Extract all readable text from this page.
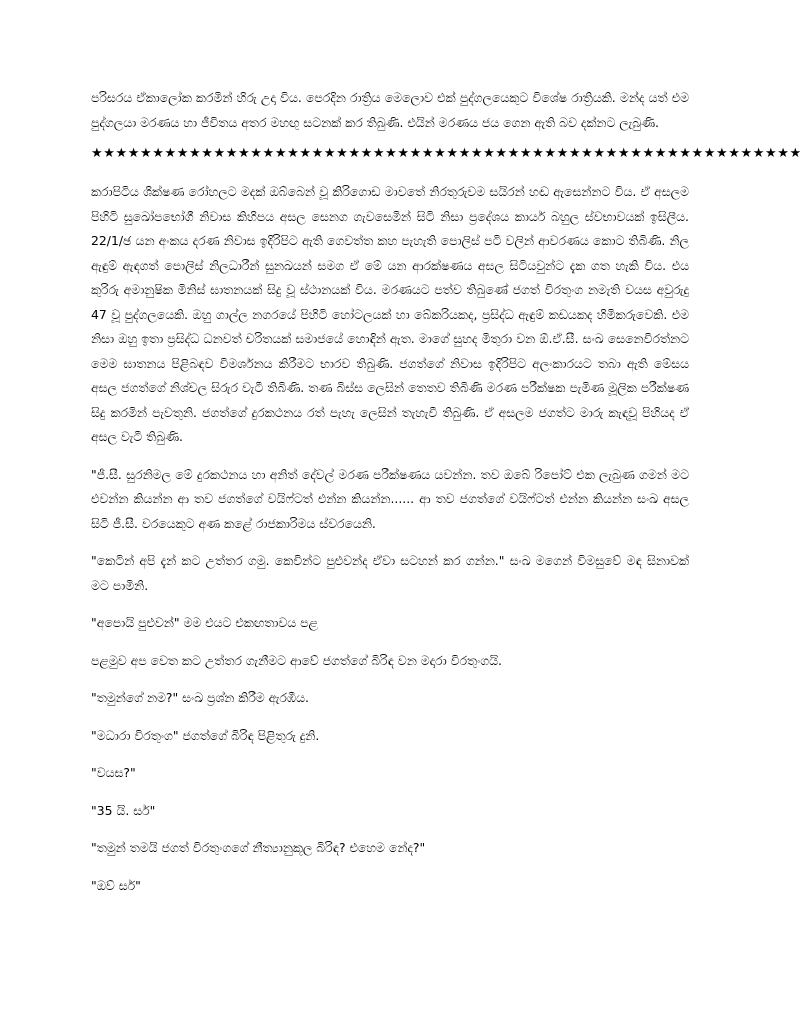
පරිසරය ඒකාලෝක කරමින් හිරු උදා විය. පෙරදින රාත්‍රිය මෙලොව එක් පුද්ගලයෙකුට විශේෂ රාත්‍රියකි. මන්ද යත් එම පුද්ගලයා මරණය හා ජීවිතය අතර මහඟු සටනක් කර තිබුණි. එයින් මරණය ජය ගෙන ඇති බව දක්නට ලැබුණි.

★★★★★★★★★★★★★★★★★★★★★★★★★★★★★★★★★★★★★★★★★★★★★★★★★★★★★★★★★★

කරාපිටිය ශික්ෂණ රෝහලට මදක් ඔබ්බෙන් වූ කිරිගොඩ මාවතේ නිරතුරුවම සයිරන් හඬ ඇසෙන්නට විය. ඒ අසලම පිහිටි සුඛෝපභෝගී නිවාස කිහිපය අසල සෙනග ගැවසෙමින් සිටි නිසා ප්‍රදේශය කාර්ය බහුල ස්වභාවයක් ඉසිලීය. 22/1/ඡ යන අංකය දරණ නිවාස ඉදිරිපිට ඇති ගෙවත්ත කහ පැහැති පොලිස් පටි වලින් ආවරණය කොට තිබිණි. නිල ඇඳුම් ඇඳගත් පොලිස් නිලධාරීන් සුනඛයන් සමග ඒ මේ යන ආරක්ෂණය අසල සිටියවුන්ට දැක ගත හැකි විය. එය කුරිරු අමානුෂික මිනිස් ඝාතනයක් සිදු වූ ස්ථානයක් විය. මරණයට පත්ව තිබුණේ ජගත් විරතුංග නමැති වයස අවුරුදු 47 වූ පුද්ගලයෙකි. ඔහු ගාල්ල නගරයේ පිහිටි හෝටලයක් හා බේකරියකද, ප්‍රසිද්ධ ඇඳුම් කඩයකද හිමිකරුවෙකි. එම නිසා ඔහු ඉතා ප්‍රසිද්ධ ධනවත් චරිතයක් සමාජයේ හොඳින් ඇත. මාගේ සුහද මිතුරා වන ඕ.ඒ.සී. සංඛ සෙනෙවිරත්නට මෙම ඝාතනය පිළිබඳව විමර්ශනය කිරීමට භාරව තිබුණි. ජගත්ගේ නිවාස ඉදිරිපිට අලංකාරයට තබා ඇති මේසය අසල ජගත්ගේ නිශ්චල සිරුර වැටී තිබිණි. තණ බිස්ස ලෙසින් තෙතව තිබිණි මරණ පරීක්ෂක පැමිණ මූලික පරීක්ෂණ සිදු කරමින් පැවතුනි. ජගත්ගේ දුරකථනය රත් පැහැ ලෙසින් තැහැවී තිබුණි. ඒ අසලම ජගත්ට මාරු කැඳවූ පිහියද ඒ අසල වැටී තිබුණි.

"ජී.සී. සුරනිමල මේ දුරකථනය හා අනිත් දේවල් මරණ පරීක්ෂණය යවන්න. තව ඔබේ රිපෝට් එක ලැබුණ ගමන් මට එවන්න කියන්න ආ තව ජගත්ගේ වයිෆ්ටත් එන්න කියන්න...... ආ තව ජගත්ගේ වයිෆ්ටත් එන්න කියන්න සංඛ අසල සිටි ජී.සී. වරයෙකුට අණ කළේ රාජකාරිමය ස්වරයෙනි.

"කෙටින් අපි දැන් කට උත්තර ගමු. කෙවින්ට පුළුවන්ද ඒවා සටහන් කර ගන්න." සංඛ මගෙන් විමසුවේ මඳ සිනාවක් මට පාමිනි.

"අපොයි පුළුවන්" මම එයට එකඟතාවය පළ

පළමුව අප වෙත කට උත්තර ගැනීමට ආවේ ජගත්ගේ බිරිඳ වන මදාරා විරතුංගයි.

"තමුන්ගේ නම?" සංඛ ප්‍රශ්න කිරීම ඇරඹීය.

"මධාරා විරතුංග" ජගත්ගේ බිරිඳ පිළිතුරු දුනි.

"වයස?"

"35 යි. සර්"

"තමුන් තමයි ජගත් විරතුංගගේ නීත්‍යානුකූල බිරිඳ? එහෙම නේද?"

"ඔව් සර්"
